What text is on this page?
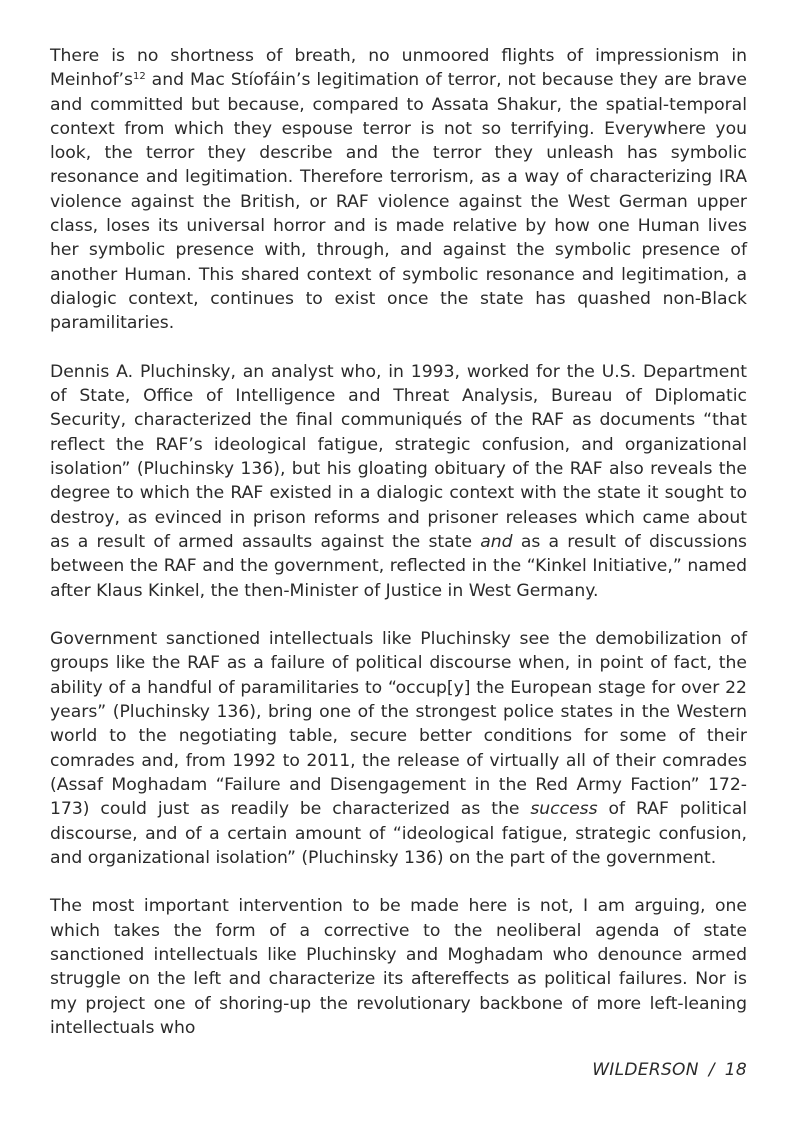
There is no shortness of breath, no unmoored flights of impressionism in $Meinhof’s^{12}$ and Mac Stíofáin’s legitimation of terror, not because they are brave and committed but because, compared to Assata Shakur, the spatial-temporal context from which they espouse terror is not so terrifying. Everywhere you look, the terror they describe and the terror they unleash has symbolic resonance and legitimation. Therefore terrorism, as a way of characterizing IRA violence against the British, or RAF violence against the West German upper class, loses its universal horror and is made relative by how one Human lives her symbolic presence with, through, and against the symbolic presence of another Human. This shared context of symbolic resonance and legitimation, a dialogic context, continues to exist once the state has quashed non-Black paramilitaries.

Dennis A. Pluchinsky, an analyst who, in 1993, worked for the U.S. Department of State, Office of Intelligence and Threat Analysis, Bureau of Diplomatic Security, characterized the final communiqués of the RAF as documents “that reflect the RAF’s ideological fatigue, strategic confusion, and organizational isolation” (Pluchinsky 136), but his gloating obituary of the RAF also reveals the degree to which the RAF existed in a dialogic context with the state it sought to destroy, as evinced in prison reforms and prisoner releases which came about as a result of armed assaults against the state and as a result of discussions between the RAF and the government, reflected in the “Kinkel Initiative,” named after Klaus Kinkel, the then-Minister of Justice in West Germany.

Government sanctioned intellectuals like Pluchinsky see the demobilization of groups like the RAF as a failure of political discourse when, in point of fact, the ability of a handful of paramilitaries to “occup[y] the European stage for over 22 years” (Pluchinsky 136), bring one of the strongest police states in the Western world to the negotiating table, secure better conditions for some of their comrades and, from 1992 to 2011, the release of virtually all of their comrades (Assaf Moghadam “Failure and Disengagement in the Red Army Faction” 172-173) could just as readily be characterized as the success of RAF political discourse, and of a certain amount of “ideological fatigue, strategic confusion, and organizational isolation” (Pluchinsky 136) on the part of the government.

The most important intervention to be made here is not, I am arguing, one which takes the form of a corrective to the neoliberal agenda of state sanctioned intellectuals like Pluchinsky and Moghadam who denounce armed struggle on the left and characterize its aftereffects as political failures. Nor is my project one of shoring-up the revolutionary backbone of more left-leaning intellectuals who

WILDERSON / 18
